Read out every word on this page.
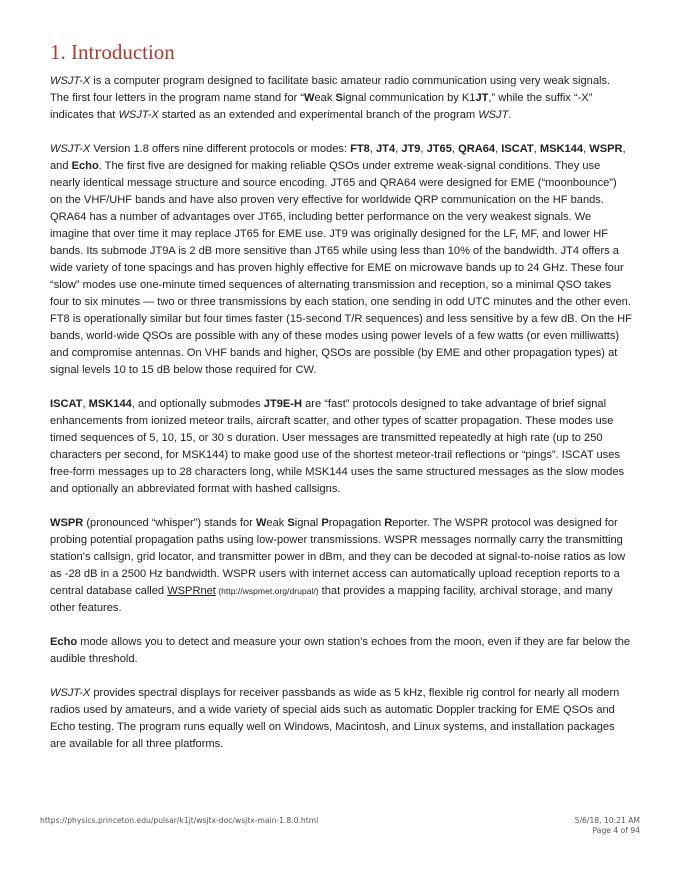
1. Introduction

WSJT-X is a computer program designed to facilitate basic amateur radio communication using very weak signals. The first four letters in the program name stand for “Weak Signal communication by K1JT,” while the suffix “-X” indicates that WSJT-X started as an extended and experimental branch of the program WSJT.

WSJT-X Version 1.8 offers nine different protocols or modes: FT8, JT4, JT9, JT65, QRA64, ISCAT, MSK144, WSPR, and Echo. The first five are designed for making reliable QSOs under extreme weak-signal conditions. They use nearly identical message structure and source encoding. JT65 and QRA64 were designed for EME (“moonbounce”) on the VHF/UHF bands and have also proven very effective for worldwide QRP communication on the HF bands. QRA64 has a number of advantages over JT65, including better performance on the very weakest signals. We imagine that over time it may replace JT65 for EME use. JT9 was originally designed for the LF, MF, and lower HF bands. Its submode JT9A is 2 dB more sensitive than JT65 while using less than 10% of the bandwidth. JT4 offers a wide variety of tone spacings and has proven highly effective for EME on microwave bands up to 24 GHz. These four “slow” modes use one-minute timed sequences of alternating transmission and reception, so a minimal QSO takes four to six minutes — two or three transmissions by each station, one sending in odd UTC minutes and the other even. FT8 is operationally similar but four times faster (15-second T/R sequences) and less sensitive by a few dB. On the HF bands, world-wide QSOs are possible with any of these modes using power levels of a few watts (or even milliwatts) and compromise antennas. On VHF bands and higher, QSOs are possible (by EME and other propagation types) at signal levels 10 to 15 dB below those required for CW.

ISCAT, MSK144, and optionally submodes JT9E-H are “fast” protocols designed to take advantage of brief signal enhancements from ionized meteor trails, aircraft scatter, and other types of scatter propagation. These modes use timed sequences of 5, 10, 15, or 30 s duration. User messages are transmitted repeatedly at high rate (up to 250 characters per second, for MSK144) to make good use of the shortest meteor-trail reflections or “pings”. ISCAT uses free-form messages up to 28 characters long, while MSK144 uses the same structured messages as the slow modes and optionally an abbreviated format with hashed callsigns.

WSPR (pronounced “whisper”) stands for Weak Signal Propagation Reporter. The WSPR protocol was designed for probing potential propagation paths using low-power transmissions. WSPR messages normally carry the transmitting station’s callsign, grid locator, and transmitter power in dBm, and they can be decoded at signal-to-noise ratios as low as -28 dB in a 2500 Hz bandwidth. WSPR users with internet access can automatically upload reception reports to a central database called WSPRnet (http://wspmet.org/drupal/) that provides a mapping facility, archival storage, and many other features.

Echo mode allows you to detect and measure your own station’s echoes from the moon, even if they are far below the audible threshold.

WSJT-X provides spectral displays for receiver passbands as wide as 5 kHz, flexible rig control for nearly all modern radios used by amateurs, and a wide variety of special aids such as automatic Doppler tracking for EME QSOs and Echo testing. The program runs equally well on Windows, Macintosh, and Linux systems, and installation packages are available for all three platforms.

https://physics.princeton.edu/pulsar/k1jt/wsjtx-doc/wsjtx-main-1.8.0.html	5/6/18, 10:21 AM
Page 4 of 94
